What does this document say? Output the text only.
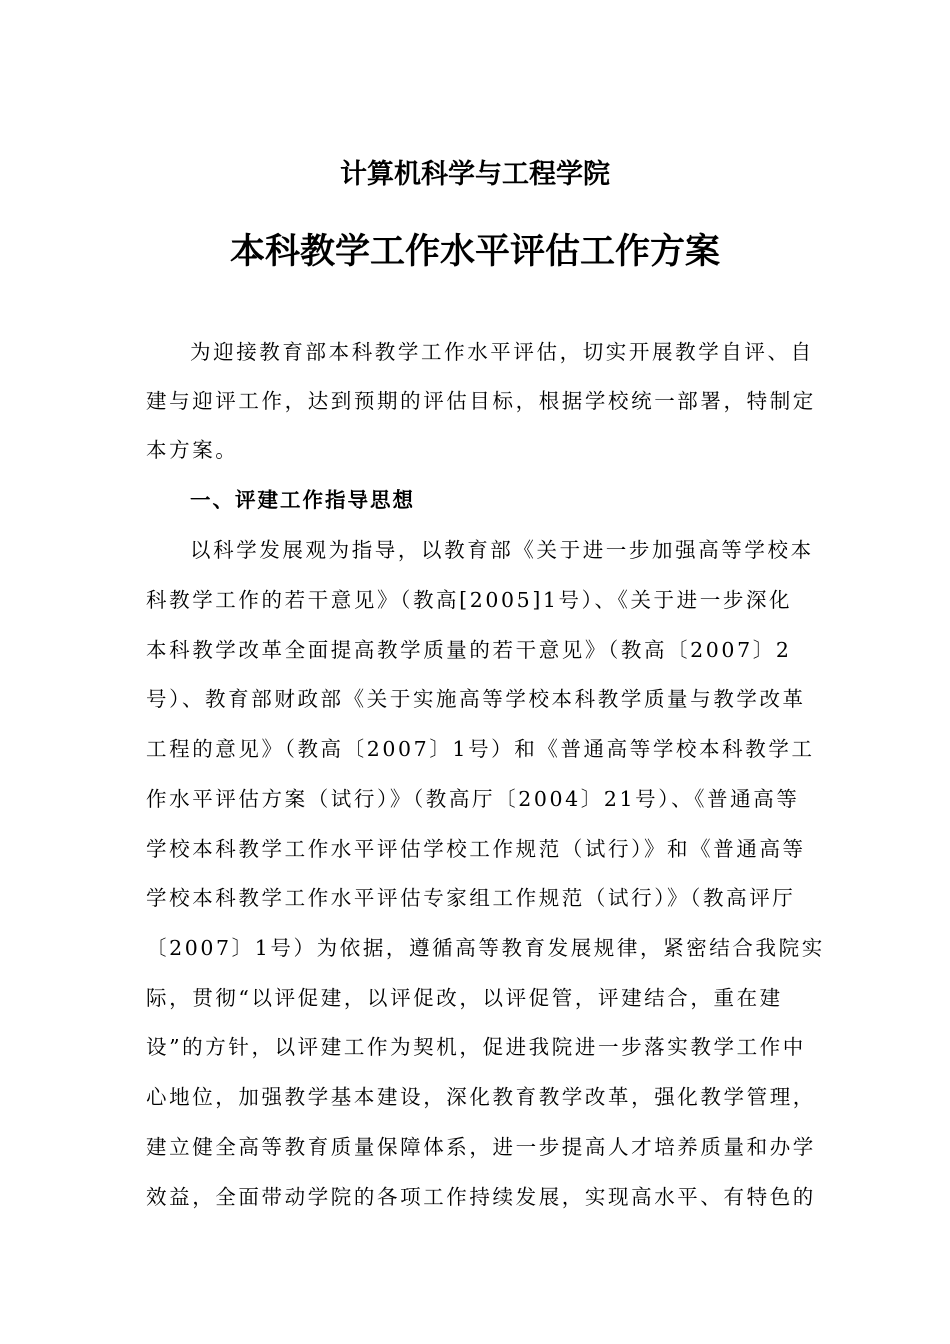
计算机科学与工程学院
本科教学工作水平评估工作方案
为迎接教育部本科教学工作水平评估，切实开展教学自评、自
建与迎评工作，达到预期的评估目标，根据学校统一部署，特制定
本方案。
一、评建工作指导思想
以科学发展观为指导，以教育部《关于进一步加强高等学校本
科教学工作的若干意见》（教高[2005]1号）、《关于进一步深化
本科教学改革全面提高教学质量的若干意见》（教高〔2007〕2
号）、教育部财政部《关于实施高等学校本科教学质量与教学改革
工程的意见》（教高〔2007〕1号）和《普通高等学校本科教学工
作水平评估方案（试行）》（教高厅〔2004〕21号）、《普通高等
学校本科教学工作水平评估学校工作规范（试行）》和《普通高等
学校本科教学工作水平评估专家组工作规范（试行）》（教高评厅
〔2007〕1号）为依据，遵循高等教育发展规律，紧密结合我院实
际，贯彻“以评促建，以评促改，以评促管，评建结合，重在建
设”的方针，以评建工作为契机，促进我院进一步落实教学工作中
心地位，加强教学基本建设，深化教育教学改革，强化教学管理，
建立健全高等教育质量保障体系，进一步提高人才培养质量和办学
效益，全面带动学院的各项工作持续发展，实现高水平、有特色的
